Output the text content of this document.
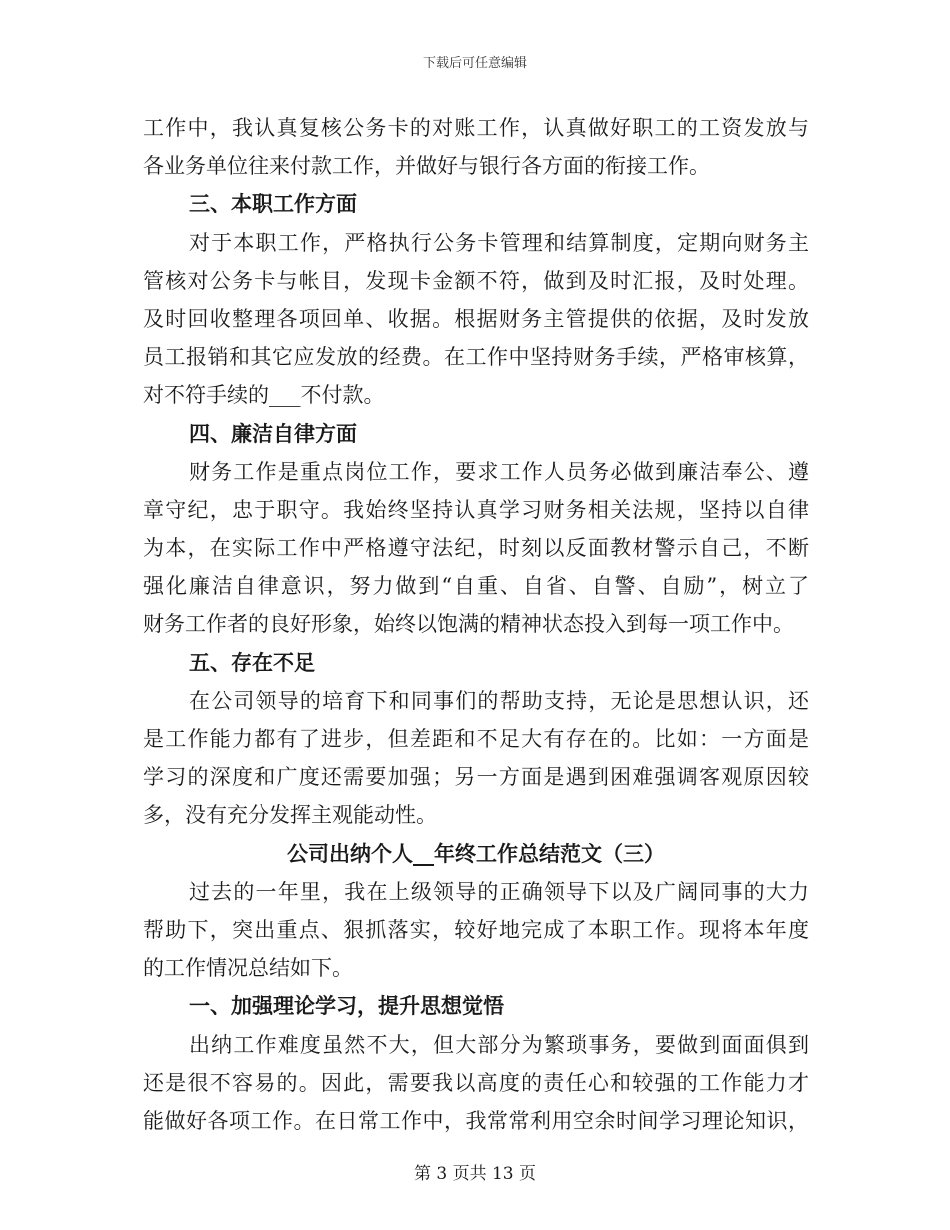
下载后可任意编辑
工作中，我认真复核公务卡的对账工作，认真做好职工的工资发放与
各业务单位往来付款工作，并做好与银行各方面的衔接工作。
三、本职工作方面
对于本职工作，严格执行公务卡管理和结算制度，定期向财务主
管核对公务卡与帐目，发现卡金额不符，做到及时汇报，及时处理。
及时回收整理各项回单、收据。根据财务主管提供的依据，及时发放
员工报销和其它应发放的经费。在工作中坚持财务手续，严格审核算，
对不符手续的___不付款。
四、廉洁自律方面
财务工作是重点岗位工作，要求工作人员务必做到廉洁奉公、遵
章守纪，忠于职守。我始终坚持认真学习财务相关法规，坚持以自律
为本，在实际工作中严格遵守法纪，时刻以反面教材警示自己，不断
强化廉洁自律意识，努力做到“自重、自省、自警、自励”，树立了
财务工作者的良好形象，始终以饱满的精神状态投入到每一项工作中。
五、存在不足
在公司领导的培育下和同事们的帮助支持，无论是思想认识，还
是工作能力都有了进步，但差距和不足大有存在的。比如：一方面是
学习的深度和广度还需要加强；另一方面是遇到困难强调客观原因较
多，没有充分发挥主观能动性。
公司出纳个人__年终工作总结范文（三）
过去的一年里，我在上级领导的正确领导下以及广阔同事的大力
帮助下，突出重点、狠抓落实，较好地完成了本职工作。现将本年度
的工作情况总结如下。
一、加强理论学习，提升思想觉悟
出纳工作难度虽然不大，但大部分为繁琐事务，要做到面面俱到
还是很不容易的。因此，需要我以高度的责任心和较强的工作能力才
能做好各项工作。在日常工作中，我常常利用空余时间学习理论知识，
第 3 页共 13 页
